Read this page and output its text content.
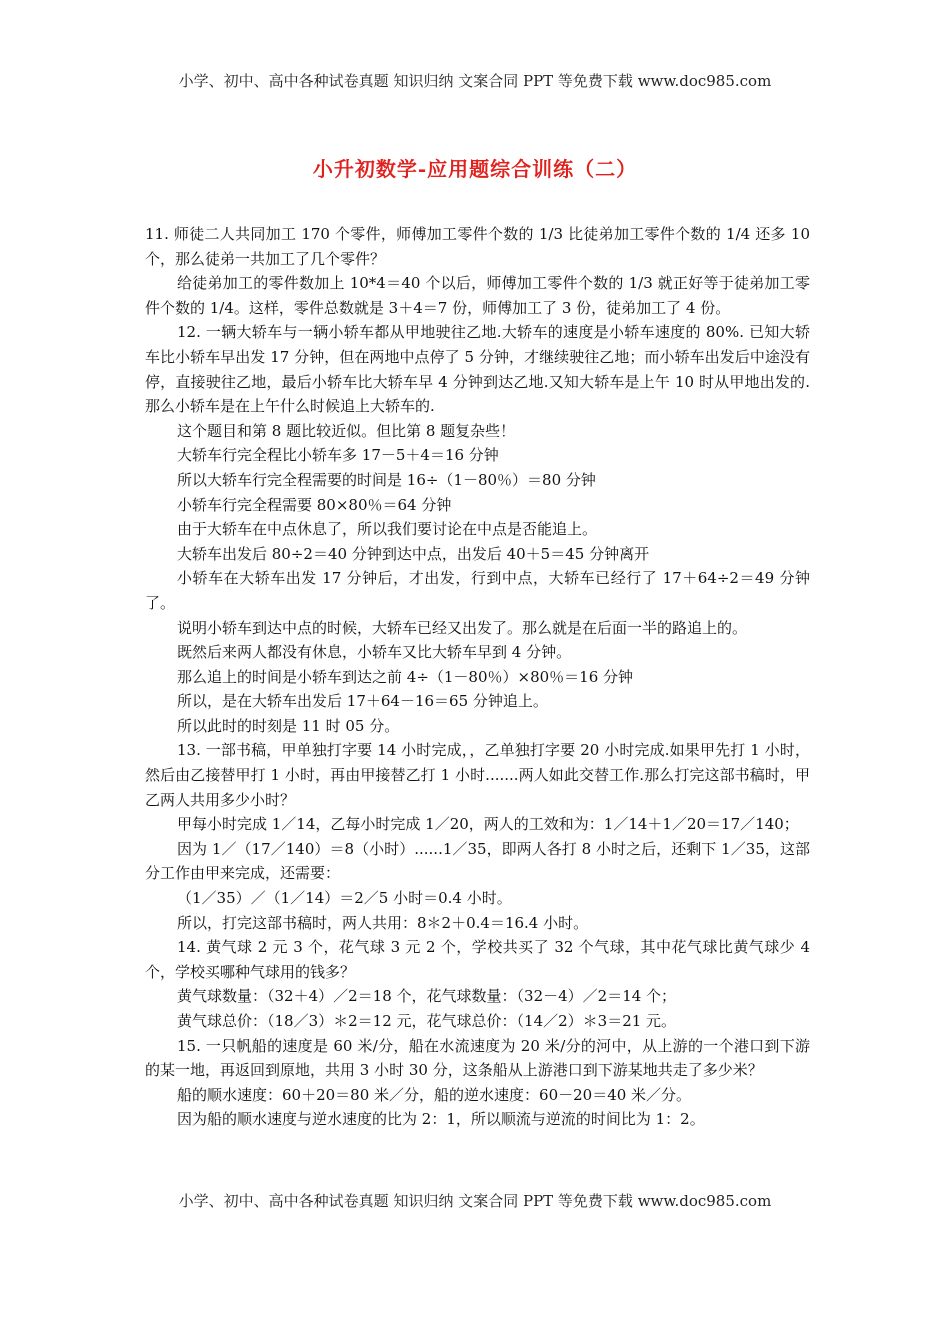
小学、初中、高中各种试卷真题 知识归纳 文案合同 PPT 等免费下载 www.doc985.com
小升初数学-应用题综合训练（二）

11. 师徒二人共同加工 170 个零件，师傅加工零件个数的 1/3 比徒弟加工零件个数的 1/4 还多 10 个，那么徒弟一共加工了几个零件？

给徒弟加工的零件数加上 10*4＝40 个以后，师傅加工零件个数的 1/3 就正好等于徒弟加工零件个数的 1/4。这样，零件总数就是 3＋4＝7 份，师傅加工了 3 份，徒弟加工了 4 份。

12. 一辆大轿车与一辆小轿车都从甲地驶往乙地.大轿车的速度是小轿车速度的 80%. 已知大轿车比小轿车早出发 17 分钟，但在两地中点停了 5 分钟，才继续驶往乙地；而小轿车出发后中途没有停，直接驶往乙地，最后小轿车比大轿车早 4 分钟到达乙地.又知大轿车是上午 10 时从甲地出发的.那么小轿车是在上午什么时候追上大轿车的.

这个题目和第 8 题比较近似。但比第 8 题复杂些！

大轿车行完全程比小轿车多 17－5＋4＝16 分钟

所以大轿车行完全程需要的时间是 16÷（1－80％）＝80 分钟

小轿车行完全程需要 80×80％＝64 分钟

由于大轿车在中点休息了，所以我们要讨论在中点是否能追上。

大轿车出发后 80÷2＝40 分钟到达中点，出发后 40＋5＝45 分钟离开

小轿车在大轿车出发 17 分钟后，才出发，行到中点，大轿车已经行了 17＋64÷2＝49 分钟了。

说明小轿车到达中点的时候，大轿车已经又出发了。那么就是在后面一半的路追上的。

既然后来两人都没有休息，小轿车又比大轿车早到 4 分钟。

那么追上的时间是小轿车到达之前 4÷（1－80％）×80％＝16 分钟

所以，是在大轿车出发后 17＋64－16＝65 分钟追上。

所以此时的时刻是 11 时 05 分。

13. 一部书稿，甲单独打字要 14 小时完成，，乙单独打字要 20 小时完成.如果甲先打 1 小时，然后由乙接替甲打 1 小时，再由甲接替乙打 1 小时.......两人如此交替工作.那么打完这部书稿时，甲乙两人共用多少小时？

甲每小时完成 1／14，乙每小时完成 1／20，两人的工效和为：1／14＋1／20＝17／140；

因为 1／（17／140）＝8（小时）......1／35，即两人各打 8 小时之后，还剩下 1／35，这部分工作由甲来完成，还需要：

（1／35）／（1／14）＝2／5 小时＝0.4 小时。

所以，打完这部书稿时，两人共用：8＊2＋0.4＝16.4 小时。

14. 黄气球 2 元 3 个，花气球 3 元 2 个，学校共买了 32 个气球，其中花气球比黄气球少 4 个，学校买哪种气球用的钱多？

黄气球数量：（32＋4）／2＝18 个，花气球数量：（32－4）／2＝14 个；

黄气球总价：（18／3）＊2＝12 元，花气球总价：（14／2）＊3＝21 元。

15. 一只帆船的速度是 60 米/分，船在水流速度为 20 米/分的河中，从上游的一个港口到下游的某一地，再返回到原地，共用 3 小时 30 分，这条船从上游港口到下游某地共走了多少米？

船的顺水速度：60＋20＝80 米／分，船的逆水速度：60－20＝40 米／分。

因为船的顺水速度与逆水速度的比为 2：1，所以顺流与逆流的时间比为 1：2。

小学、初中、高中各种试卷真题 知识归纳 文案合同 PPT 等免费下载 www.doc985.com
